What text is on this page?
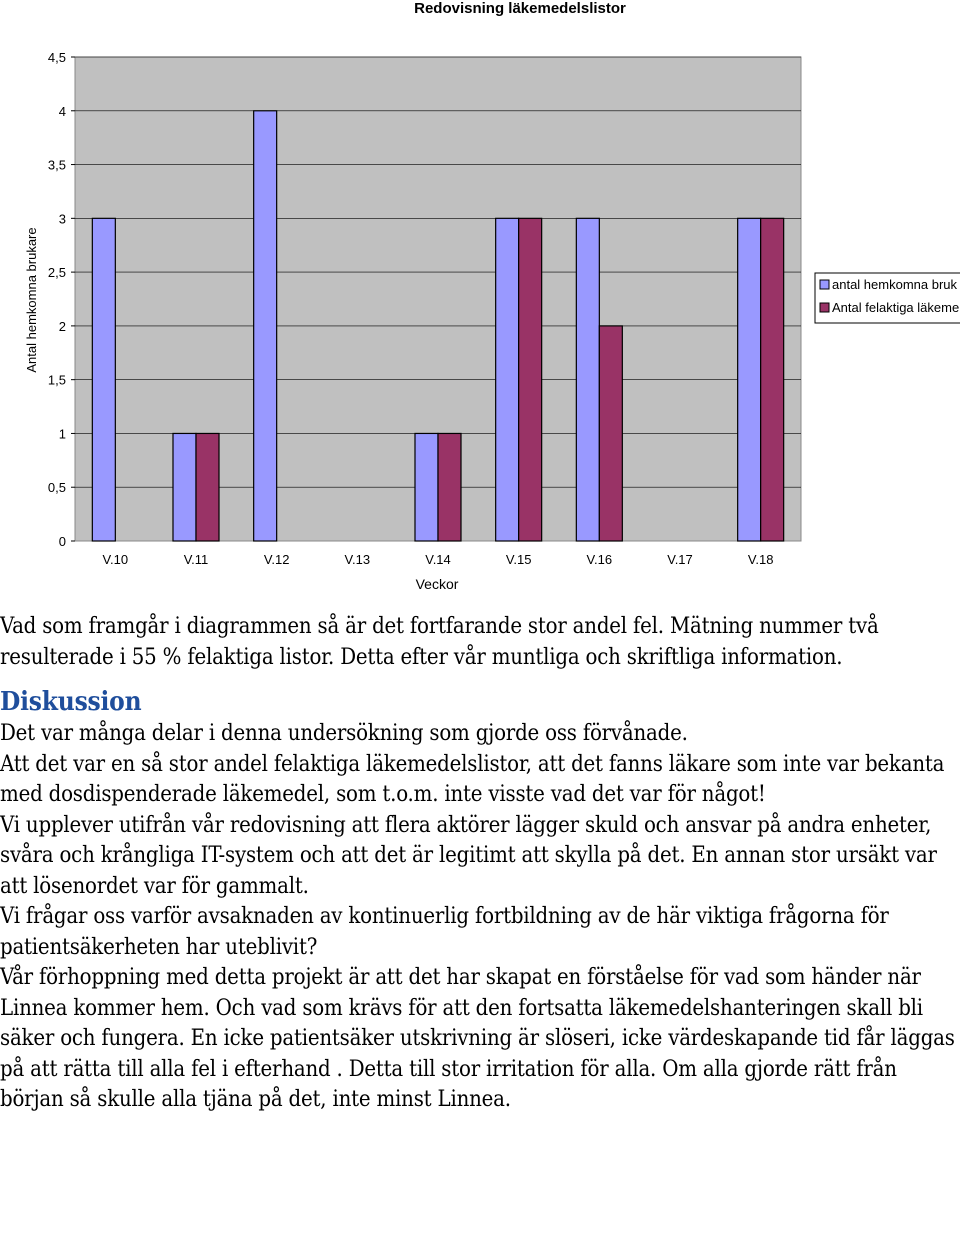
Redovisning läkemedelslistor
Antal hemkomna brukare
Veckor
0
0,5
1
1,5
2
2,5
3
3,5
4
4,5
V.10	V.11	V.12	V.13	V.14	V.15	V.16	V.17	V.18
antal hemkomna bruk
Antal felaktiga läkeme

Vad som framgår i diagrammen så är det fortfarande stor andel fel. Mätning nummer två resulterade i 55 % felaktiga listor. Detta efter vår muntliga och skriftliga information.

Diskussion

Det var många delar i denna undersökning som gjorde oss förvånade.

Att det var en så stor andel felaktiga läkemedelslistor, att det fanns läkare som inte var bekanta med dosdispenderade läkemedel, som t.o.m. inte visste vad det var för något!

Vi upplever utifrån vår redovisning att flera aktörer lägger skuld och ansvar på andra enheter, svåra och krångliga IT-system och att det är legitimt att skylla på det. En annan stor ursäkt var att lösenordet var för gammalt.

Vi frågar oss varför avsaknaden av kontinuerlig fortbildning av de här viktiga frågorna för patientsäkerheten har uteblivit?

Vår förhoppning med detta projekt är att det har skapat en förståelse för vad som händer när Linnea kommer hem. Och vad som krävs för att den fortsatta läkemedelshanteringen skall bli säker och fungera. En icke patientsäker utskrivning är slöseri, icke värdeskapande tid får läggas på att rätta till alla fel i efterhand . Detta till stor irritation för alla. Om alla gjorde rätt från början så skulle alla tjäna på det, inte minst Linnea.
